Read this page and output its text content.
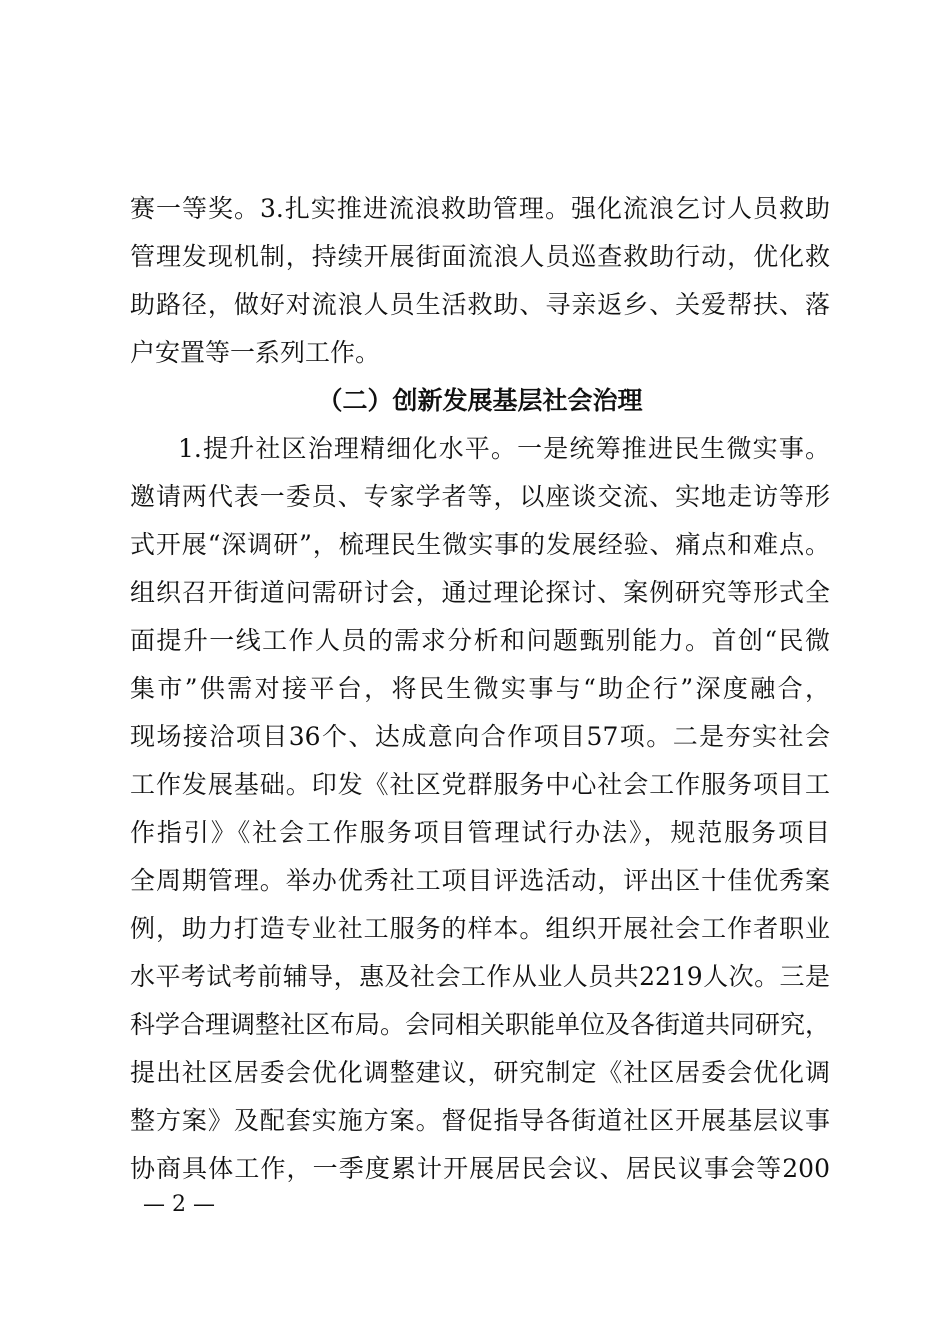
赛一等奖。3.扎实推进流浪救助管理。强化流浪乞讨人员救助
管理发现机制，持续开展街面流浪人员巡查救助行动，优化救
助路径，做好对流浪人员生活救助、寻亲返乡、关爱帮扶、落
户安置等一系列工作。
（二）创新发展基层社会治理
1.提升社区治理精细化水平。一是统筹推进民生微实事。
邀请两代表一委员、专家学者等，以座谈交流、实地走访等形
式开展“深调研”，梳理民生微实事的发展经验、痛点和难点。
组织召开街道问需研讨会，通过理论探讨、案例研究等形式全
面提升一线工作人员的需求分析和问题甄别能力。首创“民微
集市”供需对接平台，将民生微实事与“助企行”深度融合，
现场接洽项目36个、达成意向合作项目57项。二是夯实社会
工作发展基础。印发《社区党群服务中心社会工作服务项目工
作指引》《社会工作服务项目管理试行办法》，规范服务项目
全周期管理。举办优秀社工项目评选活动，评出区十佳优秀案
例，助力打造专业社工服务的样本。组织开展社会工作者职业
水平考试考前辅导，惠及社会工作从业人员共2219人次。三是
科学合理调整社区布局。会同相关职能单位及各街道共同研究，
提出社区居委会优化调整建议，研究制定《社区居委会优化调
整方案》及配套实施方案。督促指导各街道社区开展基层议事
协商具体工作，一季度累计开展居民会议、居民议事会等200
— 2 —
